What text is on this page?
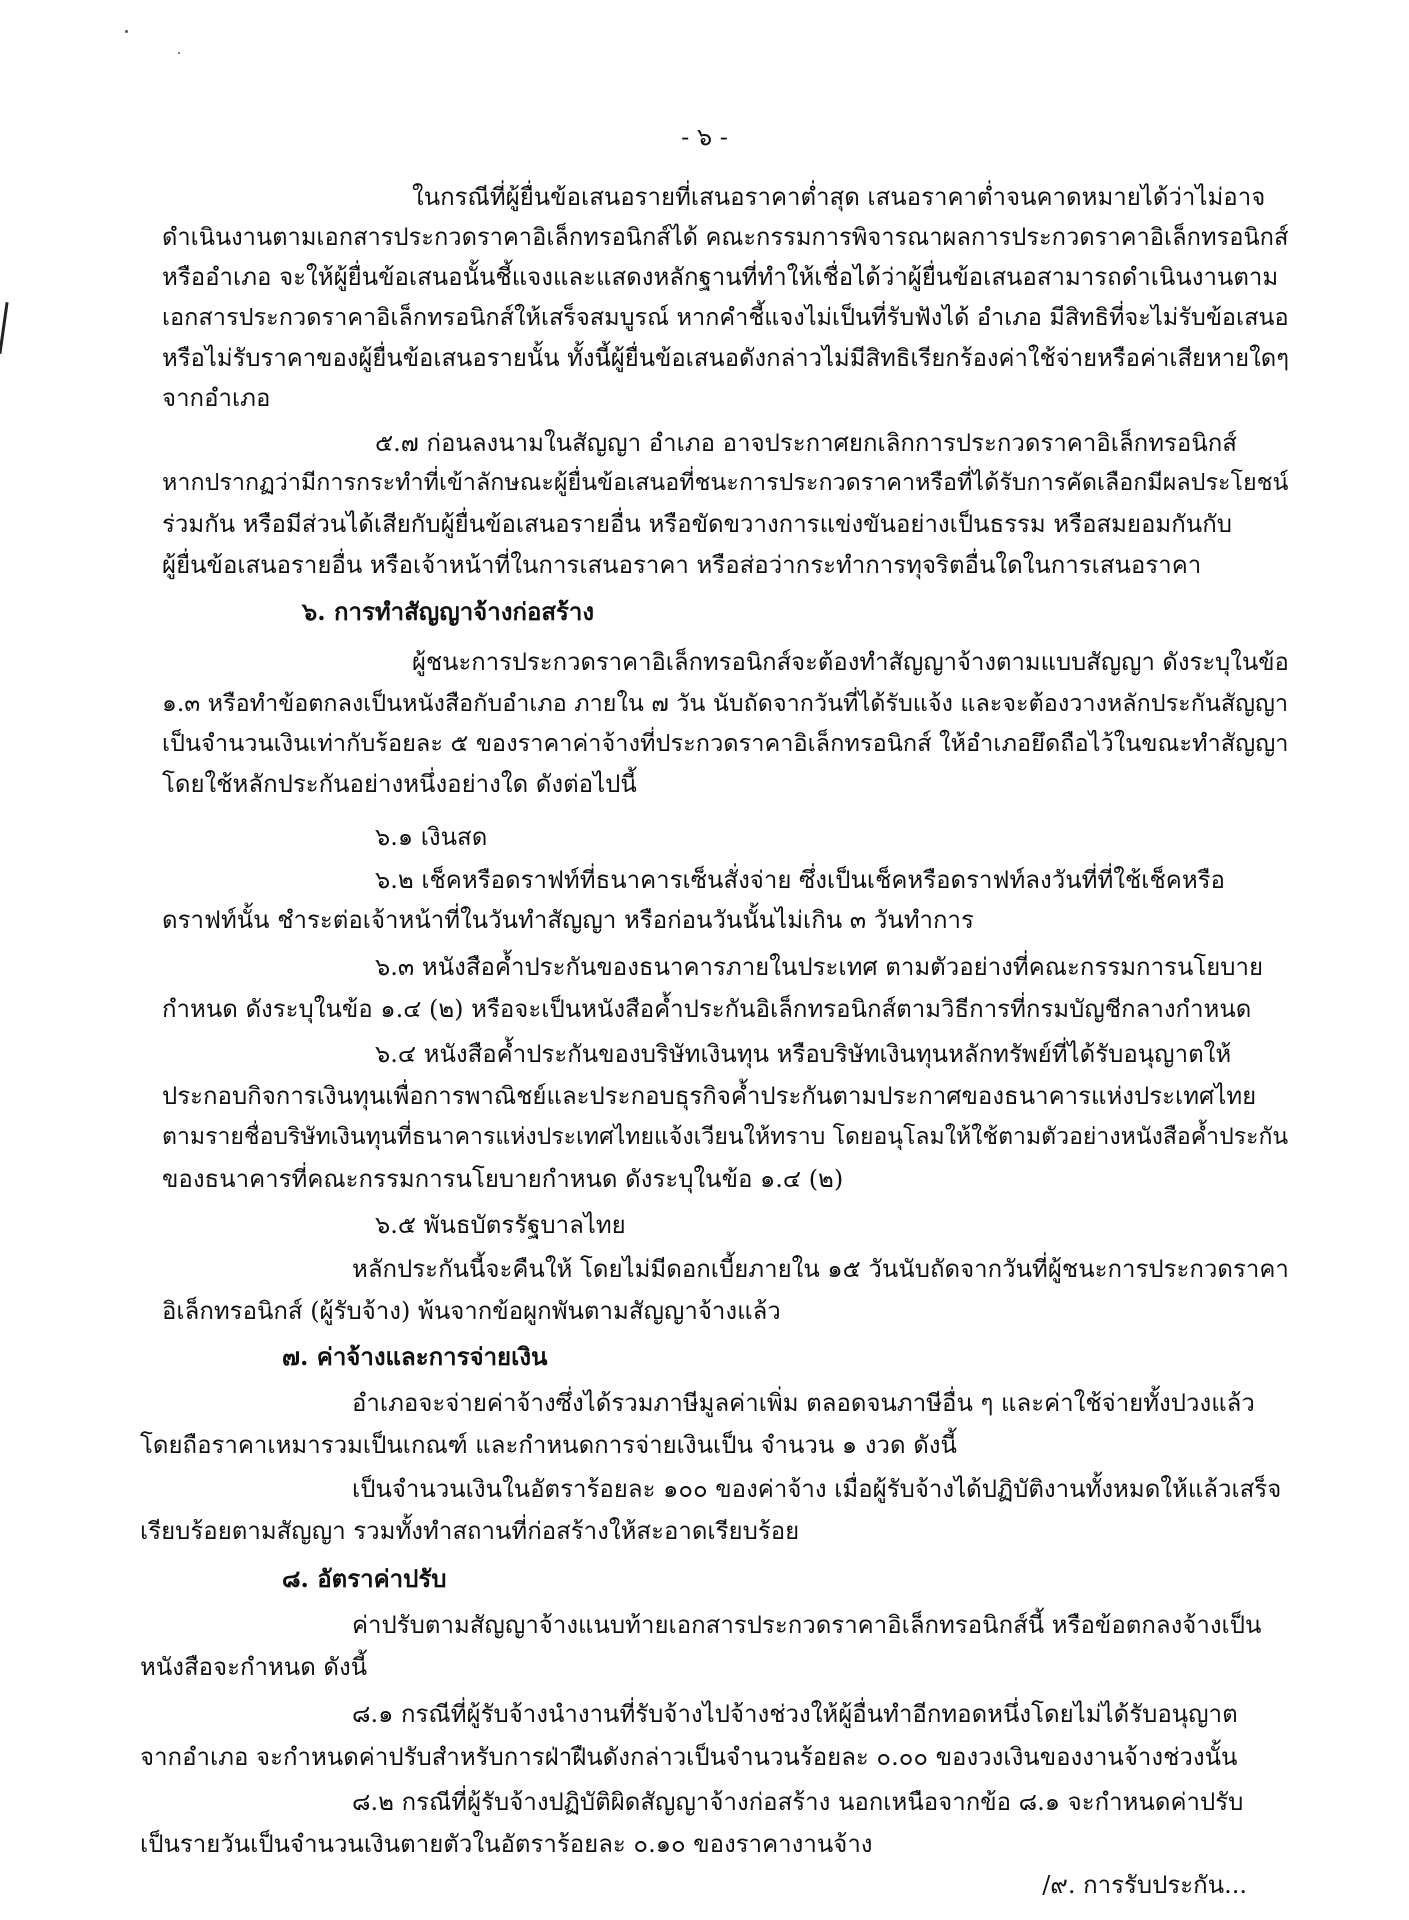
- ๖ -
ในกรณีที่ผู้ยื่นข้อเสนอรายที่เสนอราคาต่ำสุด เสนอราคาต่ำจนคาดหมายได้ว่าไม่อาจ
ดำเนินงานตามเอกสารประกวดราคาอิเล็กทรอนิกส์ได้ คณะกรรมการพิจารณาผลการประกวดราคาอิเล็กทรอนิกส์
หรืออำเภอ จะให้ผู้ยื่นข้อเสนอนั้นชี้แจงและแสดงหลักฐานที่ทำให้เชื่อได้ว่าผู้ยื่นข้อเสนอสามารถดำเนินงานตาม
เอกสารประกวดราคาอิเล็กทรอนิกส์ให้เสร็จสมบูรณ์ หากคำชี้แจงไม่เป็นที่รับฟังได้ อำเภอ มีสิทธิที่จะไม่รับข้อเสนอ
หรือไม่รับราคาของผู้ยื่นข้อเสนอรายนั้น ทั้งนี้ผู้ยื่นข้อเสนอดังกล่าวไม่มีสิทธิเรียกร้องค่าใช้จ่ายหรือค่าเสียหายใดๆ
จากอำเภอ
๕.๗ ก่อนลงนามในสัญญา อำเภอ อาจประกาศยกเลิกการประกวดราคาอิเล็กทรอนิกส์
หากปรากฏว่ามีการกระทำที่เข้าลักษณะผู้ยื่นข้อเสนอที่ชนะการประกวดราคาหรือที่ได้รับการคัดเลือกมีผลประโยชน์
ร่วมกัน หรือมีส่วนได้เสียกับผู้ยื่นข้อเสนอรายอื่น หรือขัดขวางการแข่งขันอย่างเป็นธรรม หรือสมยอมกันกับ
ผู้ยื่นข้อเสนอรายอื่น หรือเจ้าหน้าที่ในการเสนอราคา หรือส่อว่ากระทำการทุจริตอื่นใดในการเสนอราคา
๖. การทำสัญญาจ้างก่อสร้าง
ผู้ชนะการประกวดราคาอิเล็กทรอนิกส์จะต้องทำสัญญาจ้างตามแบบสัญญา ดังระบุในข้อ
๑.๓ หรือทำข้อตกลงเป็นหนังสือกับอำเภอ ภายใน ๗ วัน นับถัดจากวันที่ได้รับแจ้ง และจะต้องวางหลักประกันสัญญา
เป็นจำนวนเงินเท่ากับร้อยละ ๕ ของราคาค่าจ้างที่ประกวดราคาอิเล็กทรอนิกส์ ให้อำเภอยึดถือไว้ในขณะทำสัญญา
โดยใช้หลักประกันอย่างหนึ่งอย่างใด ดังต่อไปนี้
๖.๑ เงินสด
๖.๒ เช็คหรือดราฟท์ที่ธนาคารเซ็นสั่งจ่าย ซึ่งเป็นเช็คหรือดราฟท์ลงวันที่ที่ใช้เช็คหรือ
ดราฟท์นั้น ชำระต่อเจ้าหน้าที่ในวันทำสัญญา หรือก่อนวันนั้นไม่เกิน ๓ วันทำการ
๖.๓ หนังสือค้ำประกันของธนาคารภายในประเทศ ตามตัวอย่างที่คณะกรรมการนโยบาย
กำหนด ดังระบุในข้อ ๑.๔ (๒) หรือจะเป็นหนังสือค้ำประกันอิเล็กทรอนิกส์ตามวิธีการที่กรมบัญชีกลางกำหนด
๖.๔ หนังสือค้ำประกันของบริษัทเงินทุน หรือบริษัทเงินทุนหลักทรัพย์ที่ได้รับอนุญาตให้
ประกอบกิจการเงินทุนเพื่อการพาณิชย์และประกอบธุรกิจค้ำประกันตามประกาศของธนาคารแห่งประเทศไทย
ตามรายชื่อบริษัทเงินทุนที่ธนาคารแห่งประเทศไทยแจ้งเวียนให้ทราบ โดยอนุโลมให้ใช้ตามตัวอย่างหนังสือค้ำประกัน
ของธนาคารที่คณะกรรมการนโยบายกำหนด ดังระบุในข้อ ๑.๔ (๒)
๖.๕ พันธบัตรรัฐบาลไทย
หลักประกันนี้จะคืนให้ โดยไม่มีดอกเบี้ยภายใน ๑๕ วันนับถัดจากวันที่ผู้ชนะการประกวดราคา
อิเล็กทรอนิกส์ (ผู้รับจ้าง) พ้นจากข้อผูกพันตามสัญญาจ้างแล้ว
๗. ค่าจ้างและการจ่ายเงิน
อำเภอจะจ่ายค่าจ้างซึ่งได้รวมภาษีมูลค่าเพิ่ม ตลอดจนภาษีอื่น ๆ และค่าใช้จ่ายทั้งปวงแล้ว
โดยถือราคาเหมารวมเป็นเกณฑ์ และกำหนดการจ่ายเงินเป็น จำนวน ๑ งวด ดังนี้
เป็นจำนวนเงินในอัตราร้อยละ ๑๐๐ ของค่าจ้าง เมื่อผู้รับจ้างได้ปฏิบัติงานทั้งหมดให้แล้วเสร็จ
เรียบร้อยตามสัญญา รวมทั้งทำสถานที่ก่อสร้างให้สะอาดเรียบร้อย
๘. อัตราค่าปรับ
ค่าปรับตามสัญญาจ้างแนบท้ายเอกสารประกวดราคาอิเล็กทรอนิกส์นี้ หรือข้อตกลงจ้างเป็น
หนังสือจะกำหนด ดังนี้
๘.๑ กรณีที่ผู้รับจ้างนำงานที่รับจ้างไปจ้างช่วงให้ผู้อื่นทำอีกทอดหนึ่งโดยไม่ได้รับอนุญาต
จากอำเภอ จะกำหนดค่าปรับสำหรับการฝ่าฝืนดังกล่าวเป็นจำนวนร้อยละ ๐.๐๐ ของวงเงินของงานจ้างช่วงนั้น
๘.๒ กรณีที่ผู้รับจ้างปฏิบัติผิดสัญญาจ้างก่อสร้าง นอกเหนือจากข้อ ๘.๑ จะกำหนดค่าปรับ
เป็นรายวันเป็นจำนวนเงินตายตัวในอัตราร้อยละ ๐.๑๐ ของราคางานจ้าง
/๙. การรับประกัน...
